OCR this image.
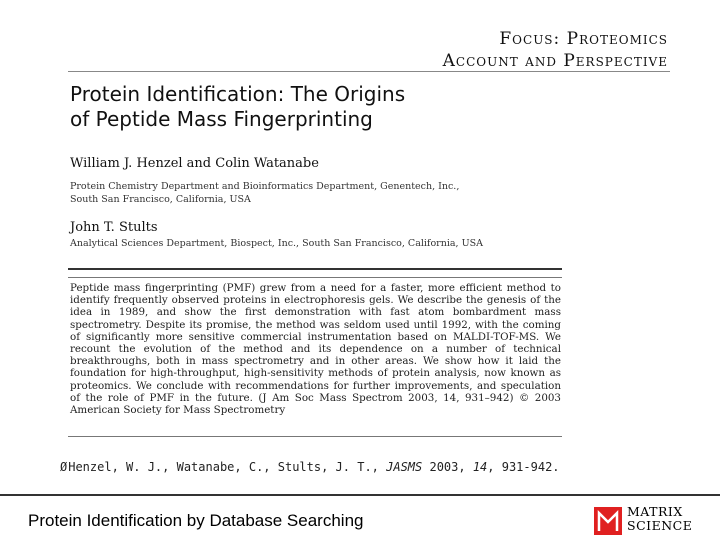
Focus: Proteomics
Account and Perspective
Protein Identification: The Origins
of Peptide Mass Fingerprinting
William J. Henzel and Colin Watanabe
Protein Chemistry Department and Bioinformatics Department, Genentech, Inc.,
South San Francisco, California, USA
John T. Stults
Analytical Sciences Department, Biospect, Inc., South San Francisco, California, USA
Peptide mass fingerprinting (PMF) grew from a need for a faster, more efficient method to identify frequently observed proteins in electrophoresis gels. We describe the genesis of the idea in 1989, and show the first demonstration with fast atom bombardment mass spectrometry. Despite its promise, the method was seldom used until 1992, with the coming of significantly more sensitive commercial instrumentation based on MALDI-TOF-MS. We recount the evolution of the method and its dependence on a number of technical breakthroughs, both in mass spectrometry and in other areas. We show how it laid the foundation for high-throughput, high-sensitivity methods of protein analysis, now known as proteomics. We conclude with recommendations for further improvements, and speculation of the role of PMF in the future. (J Am Soc Mass Spectrom 2003, 14, 931–942) © 2003 American Society for Mass Spectrometry
ØHenzel, W. J., Watanabe, C., Stults, J. T., JASMS 2003, 14, 931-942.
Protein Identification by Database Searching	MATRIX
SCIENCE
